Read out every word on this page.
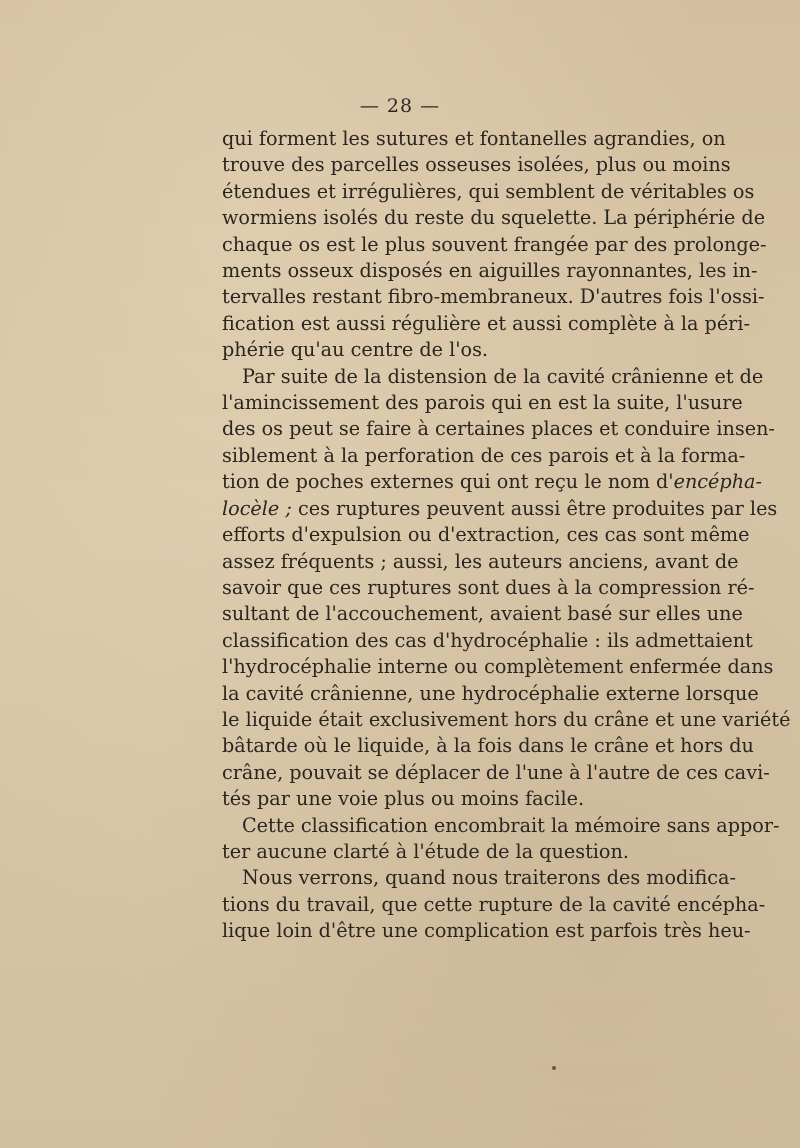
— 28 —
qui forment les sutures et fontanelles agrandies, on
trouve des parcelles osseuses isolées, plus ou moins
étendues et irrégulières, qui semblent de véritables os
wormiens isolés du reste du squelette. La périphérie de
chaque os est le plus souvent frangée par des prolonge-
ments osseux disposés en aiguilles rayonnantes, les in-
tervalles restant fibro-membraneux. D'autres fois l'ossi-
fication est aussi régulière et aussi complète à la péri-
phérie qu'au centre de l'os.
Par suite de la distension de la cavité crânienne et de
l'amincissement des parois qui en est la suite, l'usure
des os peut se faire à certaines places et conduire insen-
siblement à la perforation de ces parois et à la forma-
tion de poches externes qui ont reçu le nom d'encépha-
locèle ; ces ruptures peuvent aussi être produites par les
efforts d'expulsion ou d'extraction, ces cas sont même
assez fréquents ; aussi, les auteurs anciens, avant de
savoir que ces ruptures sont dues à la compression ré-
sultant de l'accouchement, avaient basé sur elles une
classification des cas d'hydrocéphalie : ils admettaient
l'hydrocéphalie interne ou complètement enfermée dans
la cavité crânienne, une hydrocéphalie externe lorsque
le liquide était exclusivement hors du crâne et une variété
bâtarde où le liquide, à la fois dans le crâne et hors du
crâne, pouvait se déplacer de l'une à l'autre de ces cavi-
tés par une voie plus ou moins facile.
Cette classification encombrait la mémoire sans appor-
ter aucune clarté à l'étude de la question.
Nous verrons, quand nous traiterons des modifica-
tions du travail, que cette rupture de la cavité encépha-
lique loin d'être une complication est parfois très heu-
